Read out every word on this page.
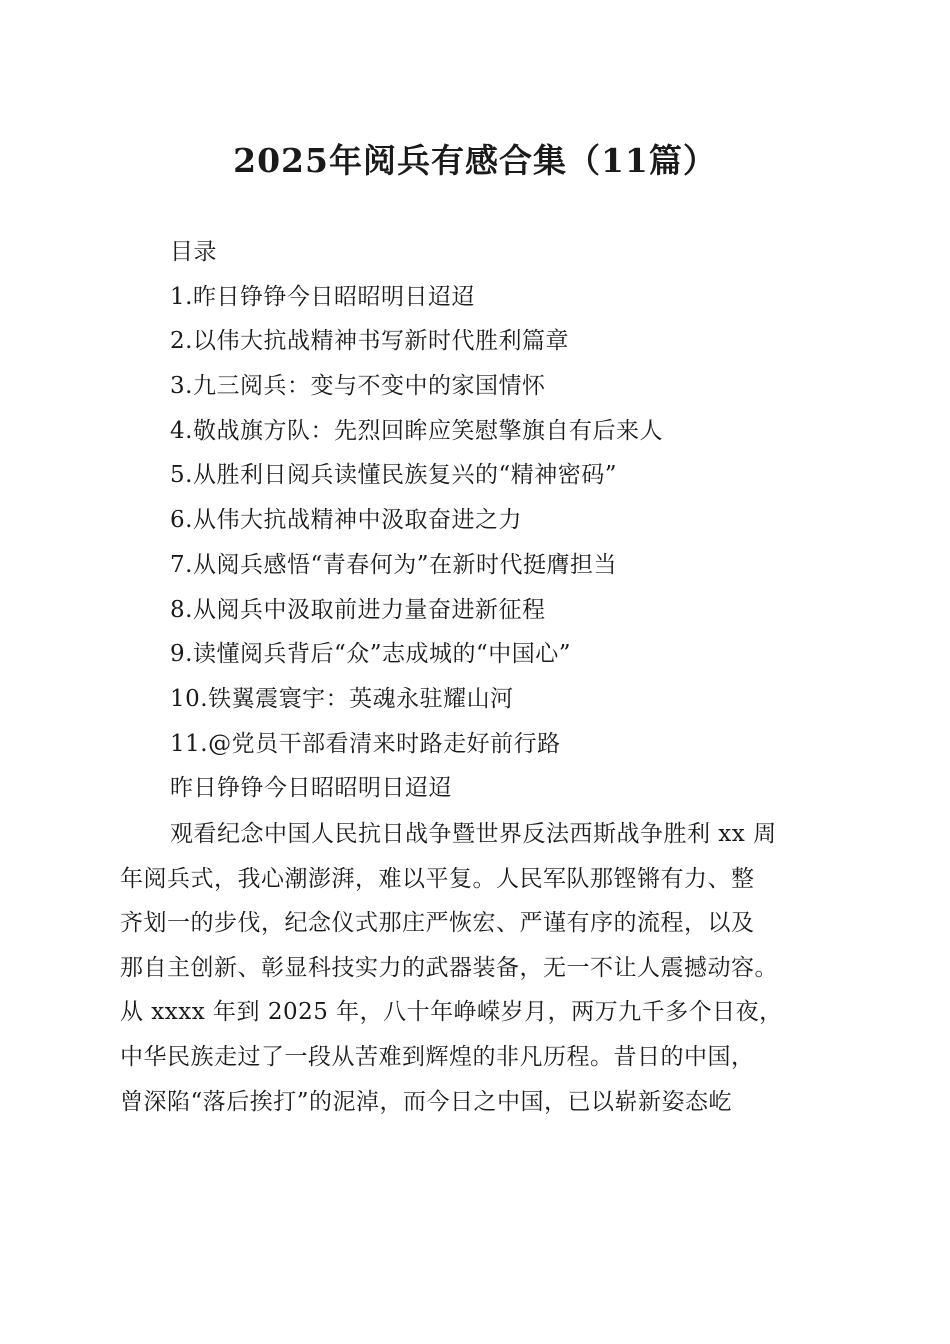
2025年阅兵有感合集（11篇）
目录
1.昨日铮铮今日昭昭明日迢迢
2.以伟大抗战精神书写新时代胜利篇章
3.九三阅兵：变与不变中的家国情怀
4.敬战旗方队：先烈回眸应笑慰擎旗自有后来人
5.从胜利日阅兵读懂民族复兴的“精神密码”
6.从伟大抗战精神中汲取奋进之力
7.从阅兵感悟“青春何为”在新时代挺膺担当
8.从阅兵中汲取前进力量奋进新征程
9.读懂阅兵背后“众”志成城的“中国心”
10.铁翼震寰宇：英魂永驻耀山河
11.@党员干部看清来时路走好前行路
昨日铮铮今日昭昭明日迢迢
观看纪念中国人民抗日战争暨世界反法西斯战争胜利 xx 周
年阅兵式，我心潮澎湃，难以平复。人民军队那铿锵有力、整
齐划一的步伐，纪念仪式那庄严恢宏、严谨有序的流程，以及
那自主创新、彰显科技实力的武器装备，无一不让人震撼动容。
从 xxxx 年到 2025 年，八十年峥嵘岁月，两万九千多个日夜，
中华民族走过了一段从苦难到辉煌的非凡历程。昔日的中国，
曾深陷“落后挨打”的泥淖，而今日之中国，已以崭新姿态屹
